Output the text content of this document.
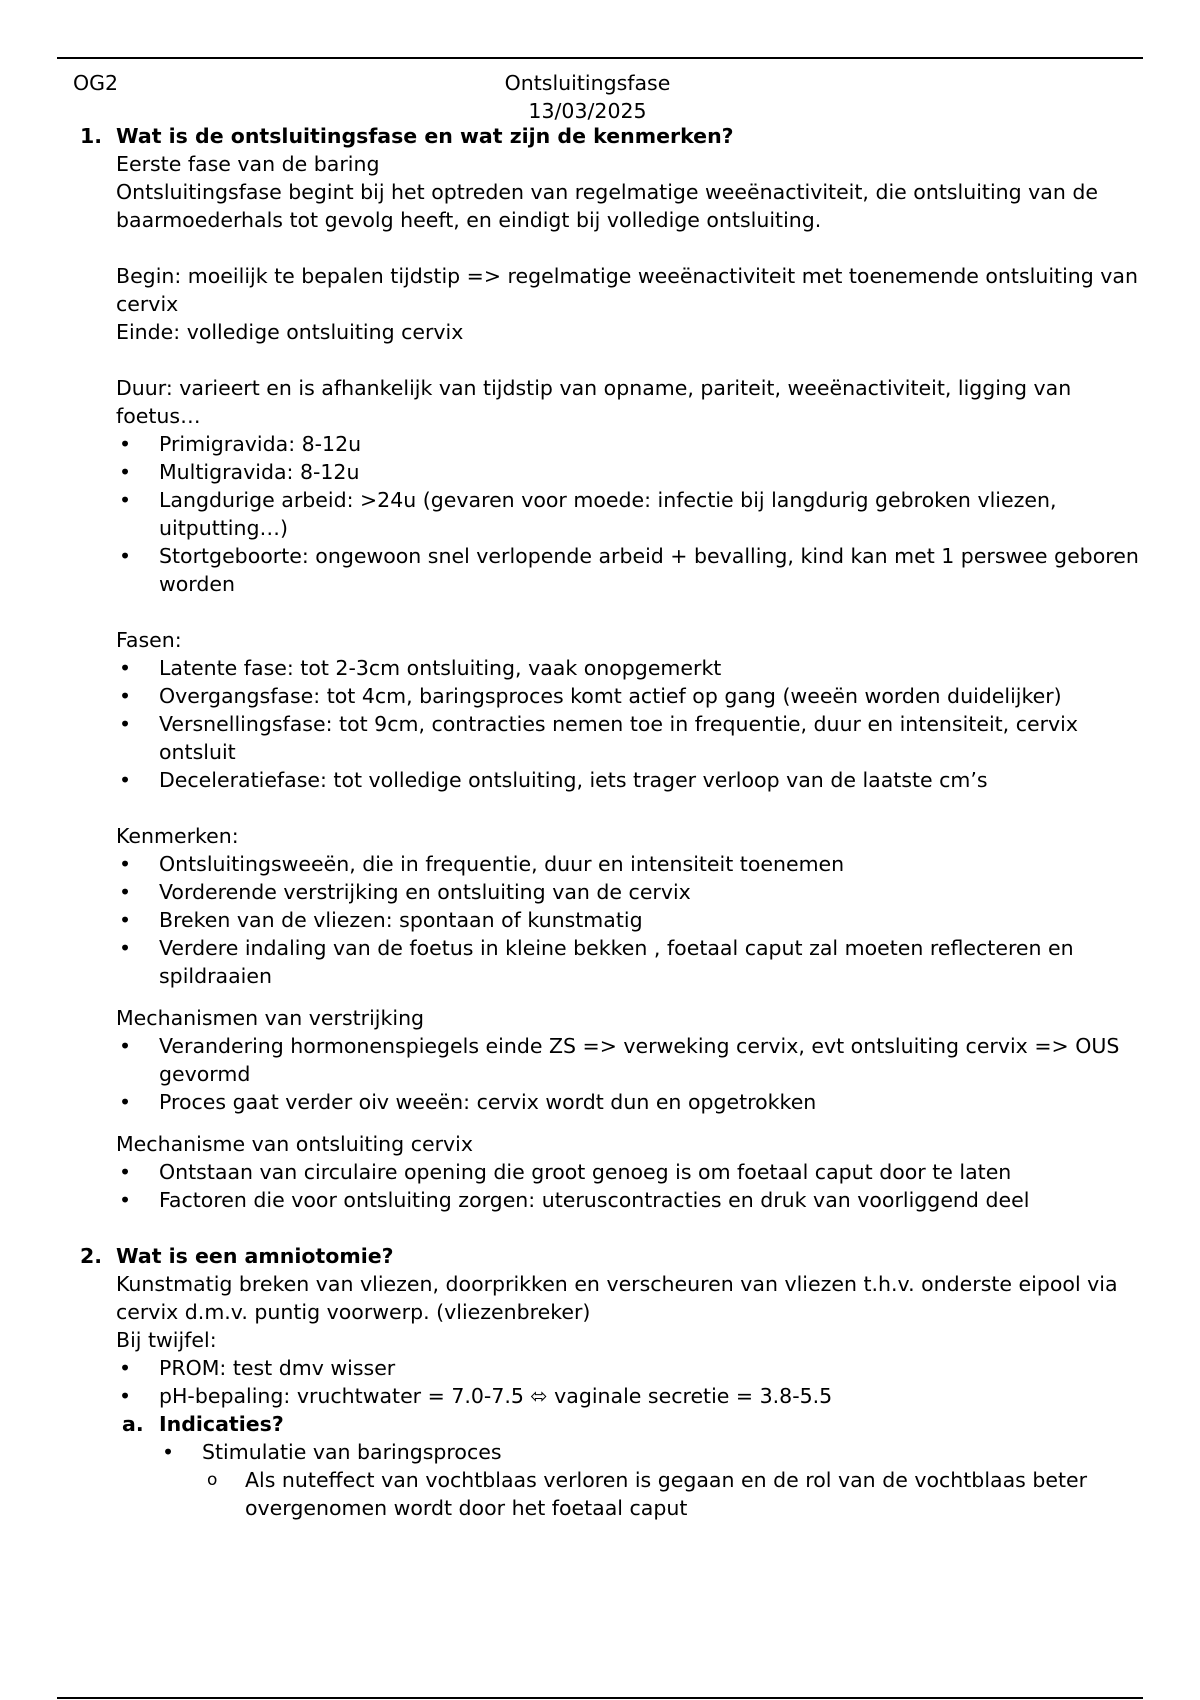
OG2	Ontsluitingsfase
13/03/2025
1. Wat is de ontsluitingsfase en wat zijn de kenmerken?
Eerste fase van de baring
Ontsluitingsfase begint bij het optreden van regelmatige weeënactiviteit, die ontsluiting van de baarmoederhals tot gevolg heeft, en eindigt bij volledige ontsluiting.
Begin: moeilijk te bepalen tijdstip => regelmatige weeënactiviteit met toenemende ontsluiting van cervix
Einde: volledige ontsluiting cervix
Duur: varieert en is afhankelijk van tijdstip van opname, pariteit, weeënactiviteit, ligging van foetus…
• Primigravida: 8-12u
• Multigravida: 8-12u
• Langdurige arbeid: >24u (gevaren voor moede: infectie bij langdurig gebroken vliezen, uitputting…)
• Stortgeboorte: ongewoon snel verlopende arbeid + bevalling, kind kan met 1 perswee geboren worden
Fasen:
• Latente fase: tot 2-3cm ontsluiting, vaak onopgemerkt
• Overgangsfase: tot 4cm, baringsproces komt actief op gang (weeën worden duidelijker)
• Versnellingsfase: tot 9cm, contracties nemen toe in frequentie, duur en intensiteit, cervix ontsluit
• Deceleratiefase: tot volledige ontsluiting, iets trager verloop van de laatste cm’s
Kenmerken:
• Ontsluitingsweeën, die in frequentie, duur en intensiteit toenemen
• Vorderende verstrijking en ontsluiting van de cervix
• Breken van de vliezen: spontaan of kunstmatig
• Verdere indaling van de foetus in kleine bekken , foetaal caput zal moeten reflecteren en spildraaien
Mechanismen van verstrijking
• Verandering hormonenspiegels einde ZS => verweking cervix, evt ontsluiting cervix => OUS gevormd
• Proces gaat verder oiv weeën: cervix wordt dun en opgetrokken
Mechanisme van ontsluiting cervix
• Ontstaan van circulaire opening die groot genoeg is om foetaal caput door te laten
• Factoren die voor ontsluiting zorgen: uteruscontracties en druk van voorliggend deel
2. Wat is een amniotomie?
Kunstmatig breken van vliezen, doorprikken en verscheuren van vliezen t.h.v. onderste eipool via cervix d.m.v. puntig voorwerp. (vliezenbreker)
Bij twijfel:
• PROM: test dmv wisser
• pH-bepaling: vruchtwater = 7.0-7.5 ⬄ vaginale secretie = 3.8-5.5
a. Indicaties?
• Stimulatie van baringsproces
o Als nuteffect van vochtblaas verloren is gegaan en de rol van de vochtblaas beter overgenomen wordt door het foetaal caput
